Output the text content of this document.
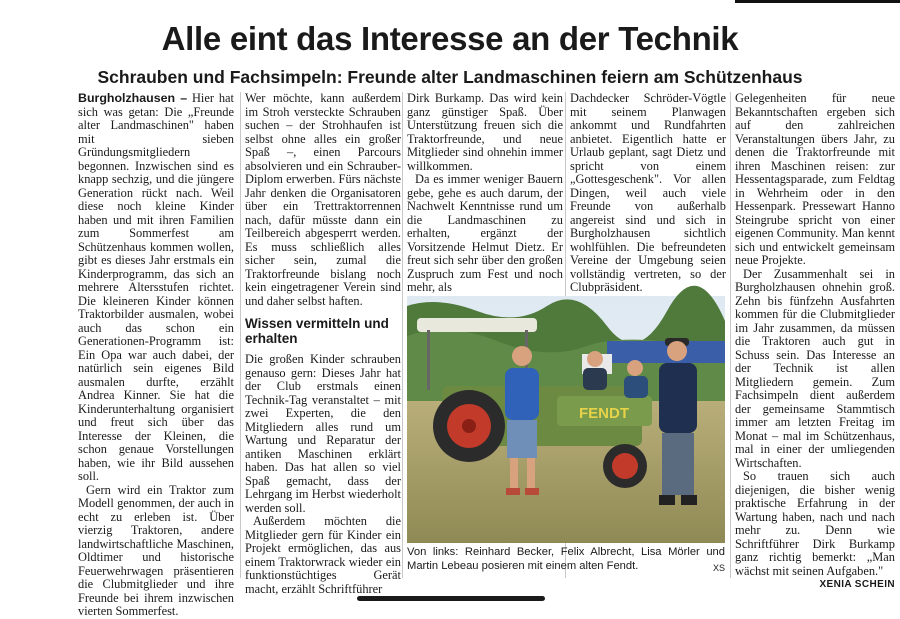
Alle eint das Interesse an der Technik
Schrauben und Fachsimpeln: Freunde alter Landmaschinen feiern am Schützenhaus

Burgholzhausen – Hier hat sich was getan: Die „Freunde alter Landmaschinen" haben mit sieben Gründungsmitgliedern begonnen. Inzwischen sind es knapp sechzig, und die jüngere Generation rückt nach. Weil diese noch kleine Kinder haben und mit ihren Familien zum Sommerfest am Schützenhaus kommen wollen, gibt es dieses Jahr erstmals ein Kinderprogramm, das sich an mehrere Altersstufen richtet. Die kleineren Kinder können Traktorbilder ausmalen, wobei auch das schon ein Generationen-Programm ist: Ein Opa war auch dabei, der natürlich sein eigenes Bild ausmalen durfte, erzählt Andrea Kinner. Sie hat die Kinderunterhaltung organisiert und freut sich über das Interesse der Kleinen, die schon genaue Vorstellungen haben, wie ihr Bild aussehen soll.

Gern wird ein Traktor zum Modell genommen, der auch in echt zu erleben ist. Über vierzig Traktoren, andere landwirtschaftliche Maschinen, Oldtimer und historische Feuerwehrwagen präsentieren die Clubmitglieder und ihre Freunde bei ihrem inzwischen vierten Sommerfest.

Wer möchte, kann außerdem im Stroh versteckte Schrauben suchen – der Strohhaufen ist selbst ohne alles ein großer Spaß –, einen Parcours absolvieren und ein Schrauber-Diplom erwerben. Fürs nächste Jahr denken die Organisatoren über ein Trettraktorrennen nach, dafür müsste dann ein Teilbereich abgesperrt werden. Es muss schließlich alles sicher sein, zumal die Traktorfreunde bislang noch kein eingetragener Verein sind und daher selbst haften.

Wissen vermitteln und erhalten

Die großen Kinder schrauben genauso gern: Dieses Jahr hat der Club erstmals einen Technik-Tag veranstaltet – mit zwei Experten, die den Mitgliedern alles rund um Wartung und Reparatur der antiken Maschinen erklärt haben. Das hat allen so viel Spaß gemacht, dass der Lehrgang im Herbst wiederholt werden soll.

Außerdem möchten die Mitglieder gern für Kinder ein Projekt ermöglichen, das aus einem Traktorwrack wieder ein funktionstüchtiges Gerät macht, erzählt Schriftführer

Dirk Burkamp. Das wird kein ganz günstiger Spaß. Über Unterstützung freuen sich die Traktorfreunde, und neue Mitglieder sind ohnehin immer willkommen.

Da es immer weniger Bauern gebe, gehe es auch darum, der Nachwelt Kenntnisse rund um die Landmaschinen zu erhalten, ergänzt der Vorsitzende Helmut Dietz. Er freut sich sehr über den großen Zuspruch zum Fest und noch mehr, als

Dachdecker Schröder-Vögtle mit seinem Planwagen ankommt und Rundfahrten anbietet. Eigentlich hatte er Urlaub geplant, sagt Dietz und spricht von einem „Gottesgeschenk". Vor allen Dingen, weil auch viele Freunde von außerhalb angereist sind und sich in Burgholzhausen sichtlich wohlfühlen. Die befreundeten Vereine der Umgebung seien vollständig vertreten, so der Clubpräsident.

Gelegenheiten für neue Bekanntschaften ergeben sich auf den zahlreichen Veranstaltungen übers Jahr, zu denen die Traktorfreunde mit ihren Maschinen reisen: zur Hessentagsparade, zum Feldtag in Wehrheim oder in den Hessenpark. Pressewart Hanno Steingrube spricht von einer eigenen Community. Man kennt sich und entwickelt gemeinsam neue Projekte.

Der Zusammenhalt sei in Burgholzhausen ohnehin groß. Zehn bis fünfzehn Ausfahrten kommen für die Clubmitglieder im Jahr zusammen, da müssen die Traktoren auch gut in Schuss sein. Das Interesse an der Technik ist allen Mitgliedern gemein. Zum Fachsimpeln dient außerdem der gemeinsame Stammtisch immer am letzten Freitag im Monat – mal im Schützenhaus, mal in einer der umliegenden Wirtschaften.

So trauen sich auch diejenigen, die bisher wenig praktische Erfahrung in der Wartung haben, nach und nach mehr zu. Denn wie Schriftführer Dirk Burkamp ganz richtig bemerkt: „Man wächst mit seinen Aufgaben."
XENIA SCHEIN

FENDT
Von links: Reinhard Becker, Felix Albrecht, Lisa Mörler und Martin Lebeau posieren mit einem alten Fendt.	XS
